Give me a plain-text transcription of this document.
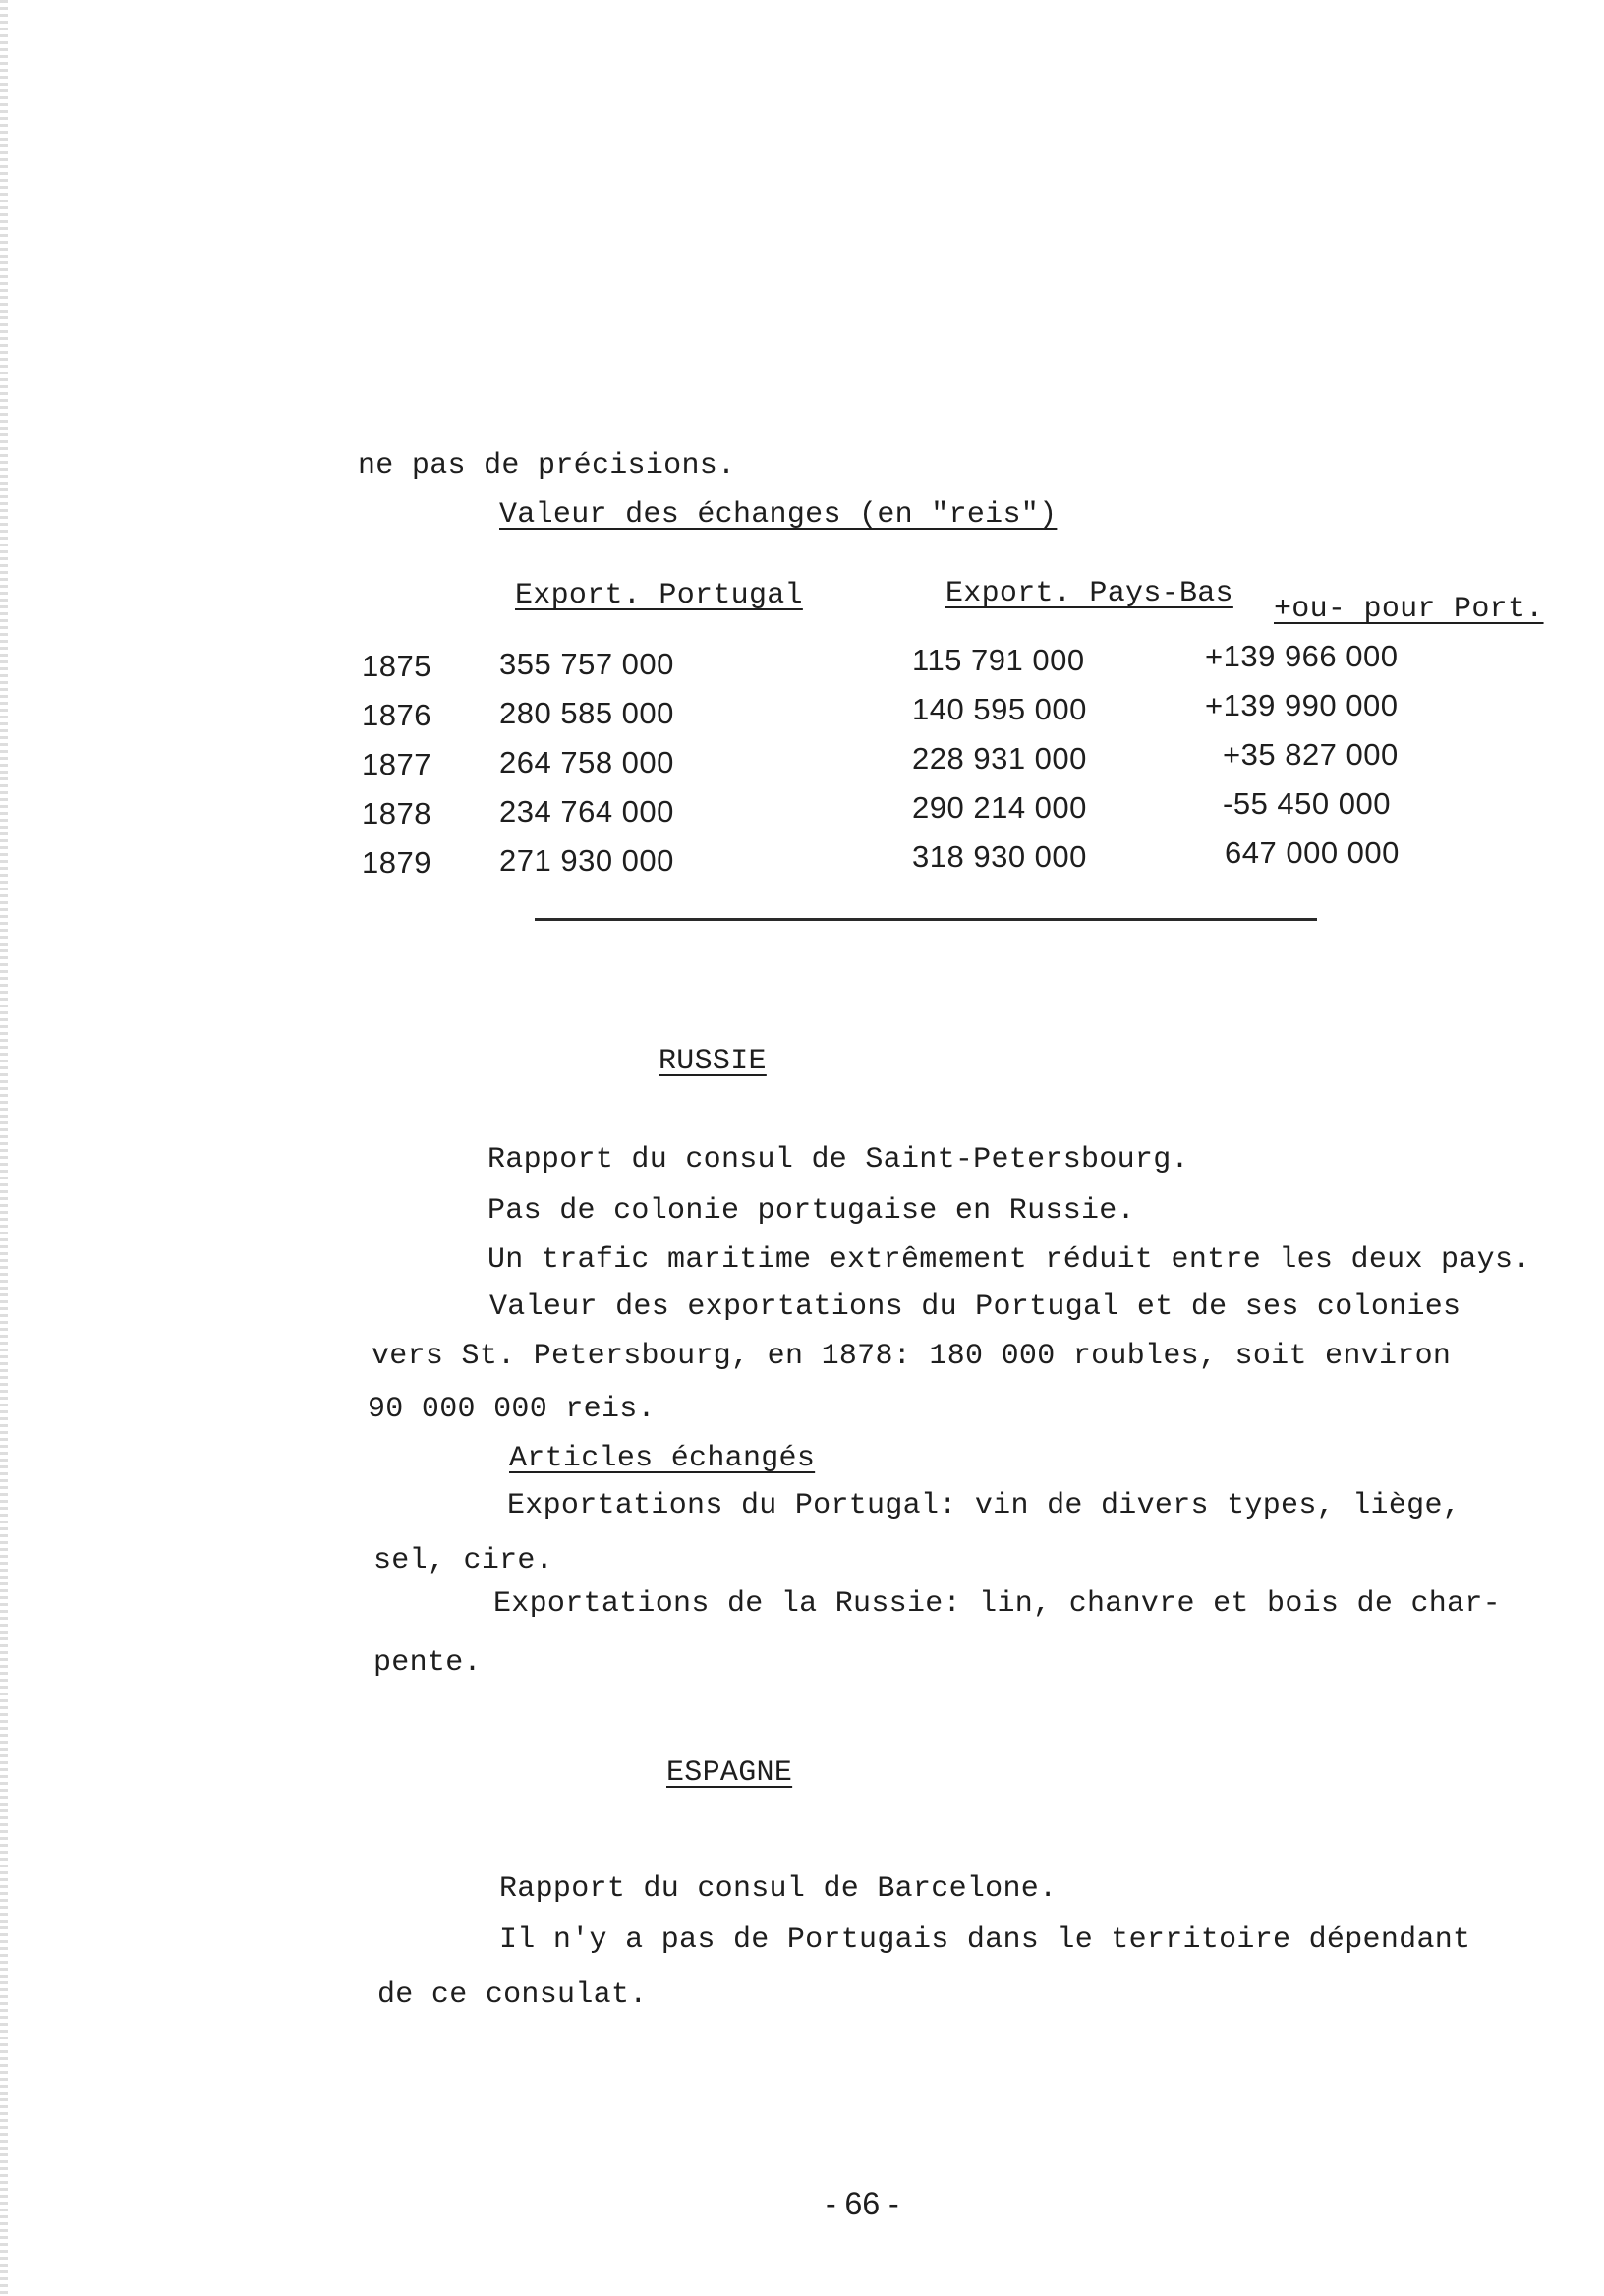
ne pas de précisions.
Valeur des échanges (en "reis")
Export. Portugal	Export. Pays-Bas +ou- pour Port.
1875 355 757 000	115 791 000	+139 966 000
1876 280 585 000	140 595 000	+139 990 000
1877 264 758 000	228 931 000	+35 827 000
1878 234 764 000	290 214 000	-55 450 000
1879 271 930 000	318 930 000	647 000 000
RUSSIE
Rapport du consul de Saint-Petersbourg.
Pas de colonie portugaise en Russie.
Un trafic maritime extrêmement réduit entre les deux pays.
Valeur des exportations du Portugal et de ses colonies
vers St. Petersbourg, en 1878: 180 000 roubles, soit environ
90 000 000 reis.
Articles échangés
Exportations du Portugal: vin de divers types, liège,
sel, cire.
Exportations de la Russie: lin, chanvre et bois de char-
pente.
ESPAGNE
Rapport du consul de Barcelone.
Il n'y a pas de Portugais dans le territoire dépendant
de ce consulat.
- 66 -
